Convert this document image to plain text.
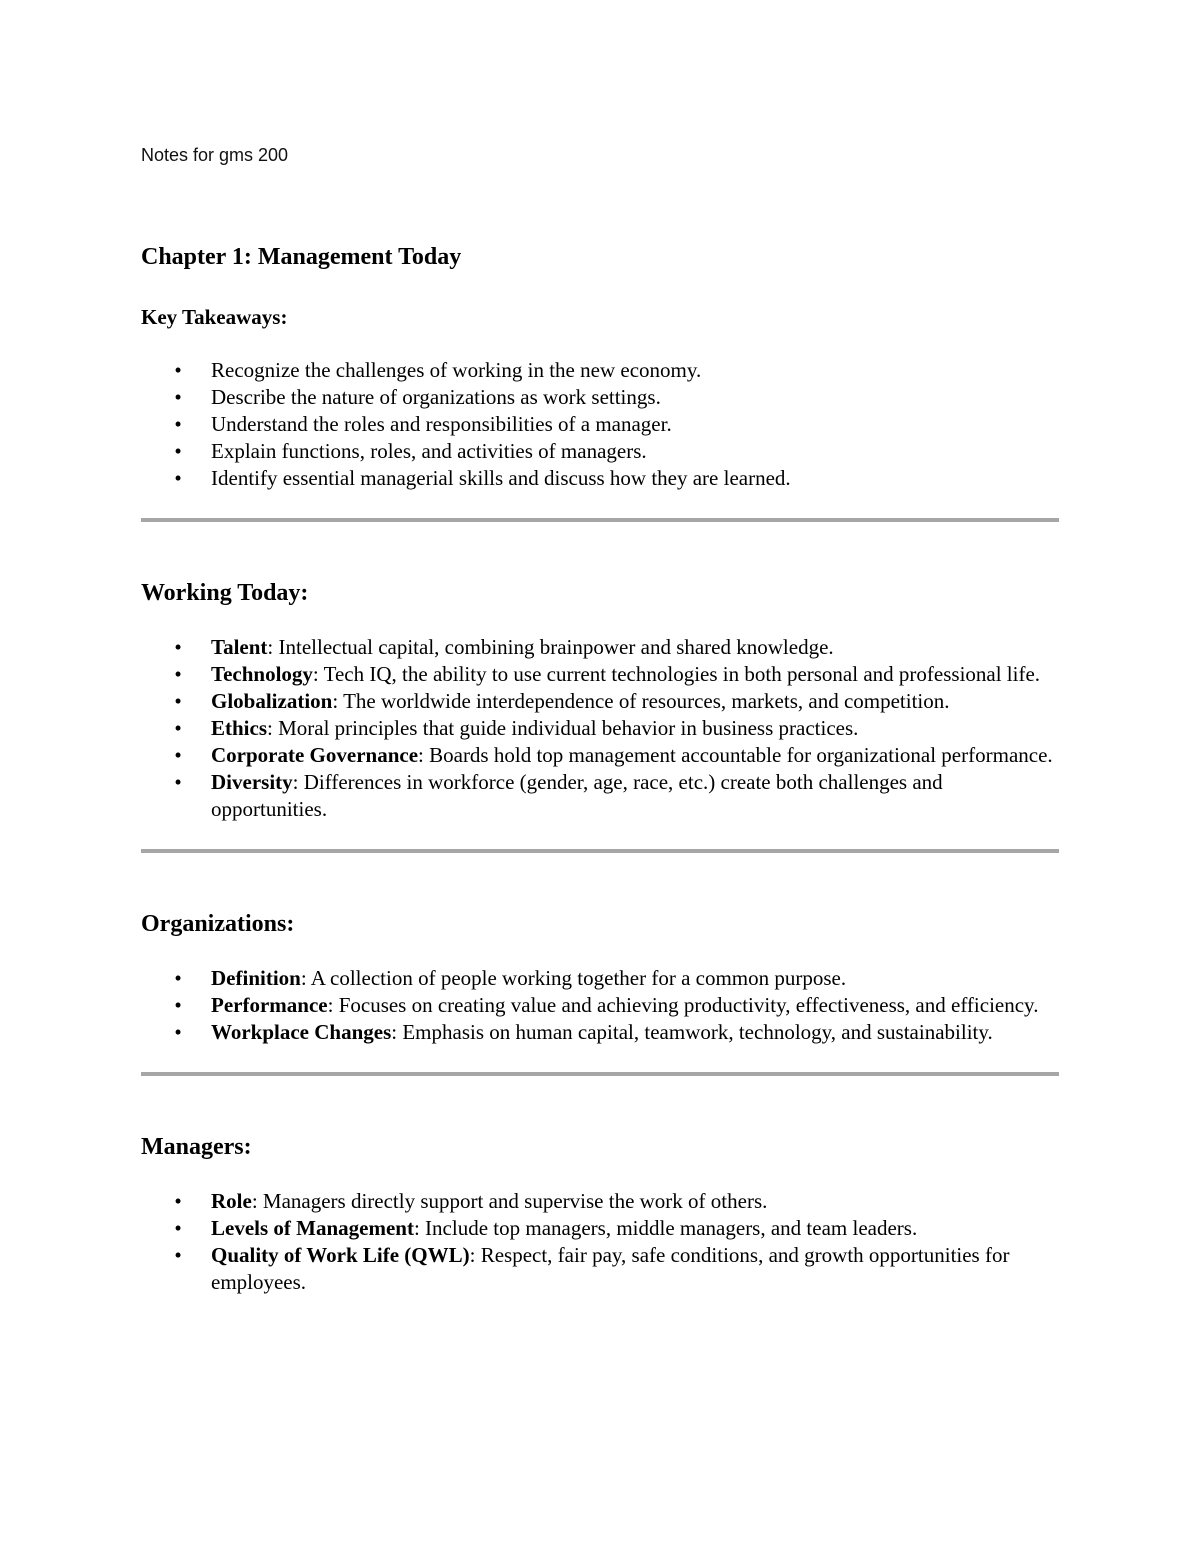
Notes for gms 200

Chapter 1: Management Today

Key Takeaways:

• Recognize the challenges of working in the new economy.
• Describe the nature of organizations as work settings.
• Understand the roles and responsibilities of a manager.
• Explain functions, roles, and activities of managers.
• Identify essential managerial skills and discuss how they are learned.
Working Today:
• Talent: Intellectual capital, combining brainpower and shared knowledge.
• Technology: Tech IQ, the ability to use current technologies in both personal and professional life.
• Globalization: The worldwide interdependence of resources, markets, and competition.
• Ethics: Moral principles that guide individual behavior in business practices.
• Corporate Governance: Boards hold top management accountable for organizational performance.
• Diversity: Differences in workforce (gender, age, race, etc.) create both challenges and opportunities.
Organizations:
• Definition: A collection of people working together for a common purpose.
• Performance: Focuses on creating value and achieving productivity, effectiveness, and efficiency.
• Workplace Changes: Emphasis on human capital, teamwork, technology, and sustainability.
Managers:
• Role: Managers directly support and supervise the work of others.
• Levels of Management: Include top managers, middle managers, and team leaders.
• Quality of Work Life (QWL): Respect, fair pay, safe conditions, and growth opportunities for employees.
